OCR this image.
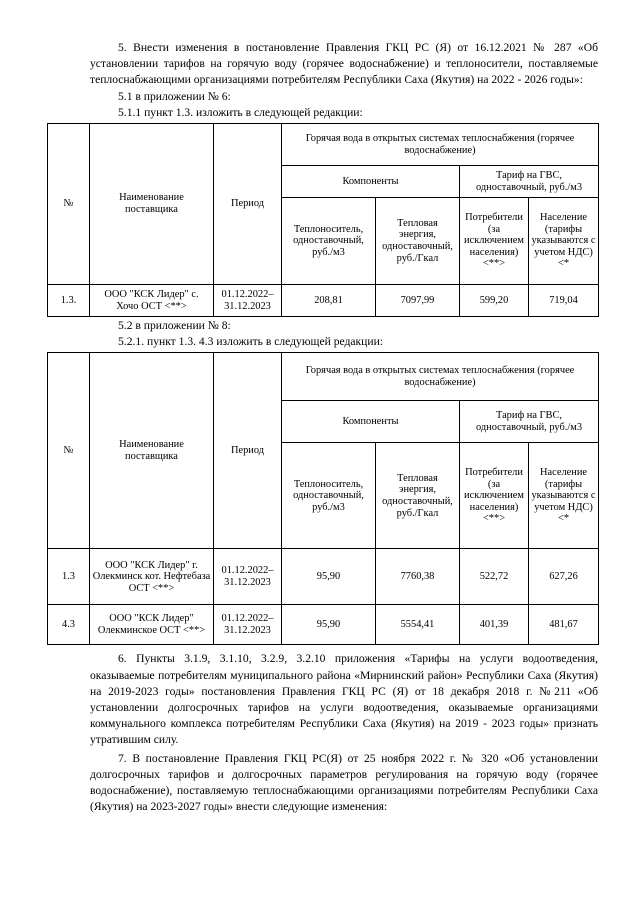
5. Внести изменения в постановление Правления ГКЦ РС (Я) от 16.12.2021 № 287 «Об установлении тарифов на горячую воду (горячее водоснабжение) и теплоносители, поставляемые теплоснабжающими организациями потребителям Республики Саха (Якутия) на 2022 - 2026 годы»:

5.1 в приложении № 6:

5.1.1 пункт 1.3. изложить в следующей редакции:

№	Наименование поставщика	Период	Горячая вода в открытых системах теплоснабжения (горячее водоснабжение)			
			Компоненты		Тариф на ГВС, одноставочный, руб./м3	
			Теплоноситель, одноставочный, руб./м3	Тепловая энергия, одноставочный, руб./Гкал	Потребители (за исключением населения) <**>	Население (тарифы указываются с учетом НДС) <*
1.3.	ООО "КСК Лидер" с. Хочо ОСТ <**>	01.12.2022–31.12.2023	208,81	7097,99	599,20	719,04

5.2 в приложении № 8:

5.2.1. пункт 1.3. 4.3 изложить в следующей редакции:

№	Наименование поставщика	Период	Горячая вода в открытых системах теплоснабжения (горячее водоснабжение)			
			Компоненты		Тариф на ГВС, одноставочный, руб./м3	
			Теплоноситель, одноставочный, руб./м3	Тепловая энергия, одноставочный, руб./Гкал	Потребители (за исключением населения) <**>	Население (тарифы указываются с учетом НДС) <*
1.3	ООО "КСК Лидер" г. Олекминск кот. Нефтебаза ОСТ <**>	01.12.2022–31.12.2023	95,90	7760,38	522,72	627,26
4.3	ООО "КСК Лидер" Олекминское ОСТ <**>	01.12.2022–31.12.2023	95,90	5554,41	401,39	481,67

6. Пункты 3.1.9, 3.1.10, 3.2.9, 3.2.10 приложения «Тарифы на услуги водоотведения, оказываемые потребителям муниципального района «Мирнинский район» Республики Саха (Якутия) на 2019-2023 годы» постановления Правления ГКЦ РС (Я) от 18 декабря 2018 г. №211 «Об установлении долгосрочных тарифов на услуги водоотведения, оказываемые организациями коммунального комплекса потребителям Республики Саха (Якутия) на 2019 - 2023 годы» признать утратившим силу.

7. В постановление Правления ГКЦ РС(Я) от 25 ноября 2022 г. № 320 «Об установлении долгосрочных тарифов и долгосрочных параметров регулирования на горячую воду (горячее водоснабжение), поставляемую теплоснабжающими организациями потребителям Республики Саха (Якутия) на 2023-2027 годы» внести следующие изменения:
